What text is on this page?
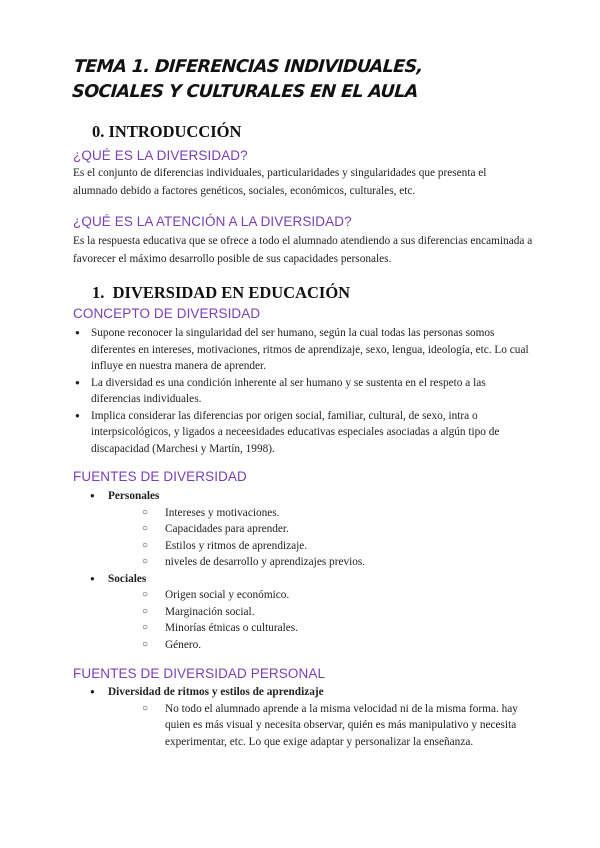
TEMA 1. DIFERENCIAS INDIVIDUALES,
SOCIALES Y CULTURALES EN EL AULA
0. INTRODUCCIÓN
¿QUÉ ES LA DIVERSIDAD?
Es el conjunto de diferencias individuales, particularidades y singularidades que presenta el alumnado debido a factores genéticos, sociales, económicos, culturales, etc.
¿QUÉ ES LA ATENCIÓN A LA DIVERSIDAD?
Es la respuesta educativa que se ofrece a todo el alumnado atendiendo a sus diferencias encaminada a favorecer el máximo desarrollo posible de sus capacidades personales.
1. DIVERSIDAD EN EDUCACIÓN
CONCEPTO DE DIVERSIDAD
● Supone reconocer la singularidad del ser humano, según la cual todas las personas somos diferentes en intereses, motivaciones, ritmos de aprendizaje, sexo, lengua, ideología, etc. Lo cual influye en nuestra manera de aprender.
● La diversidad es una condición inherente al ser humano y se sustenta en el respeto a las diferencias individuales.
● Implica considerar las diferencias por origen social, familiar, cultural, de sexo, intra o interpsicológicos, y ligados a neceesidades educativas especiales asociadas a algún tipo de discapacidad (Marchesi y Martín, 1998).
FUENTES DE DIVERSIDAD
● Personales
○ Intereses y motivaciones.
○ Capacidades para aprender.
○ Estilos y ritmos de aprendizaje.
○ niveles de desarrollo y aprendizajes previos.
● Sociales
○ Origen social y económico.
○ Marginación social.
○ Minorías étnicas o culturales.
○ Género.
FUENTES DE DIVERSIDAD PERSONAL
● Diversidad de ritmos y estilos de aprendizaje
○ No todo el alumnado aprende a la misma velocidad ni de la misma forma. hay quien es más visual y necesita observar, quién es más manipulativo y necesita experimentar, etc. Lo que exige adaptar y personalizar la enseñanza.
